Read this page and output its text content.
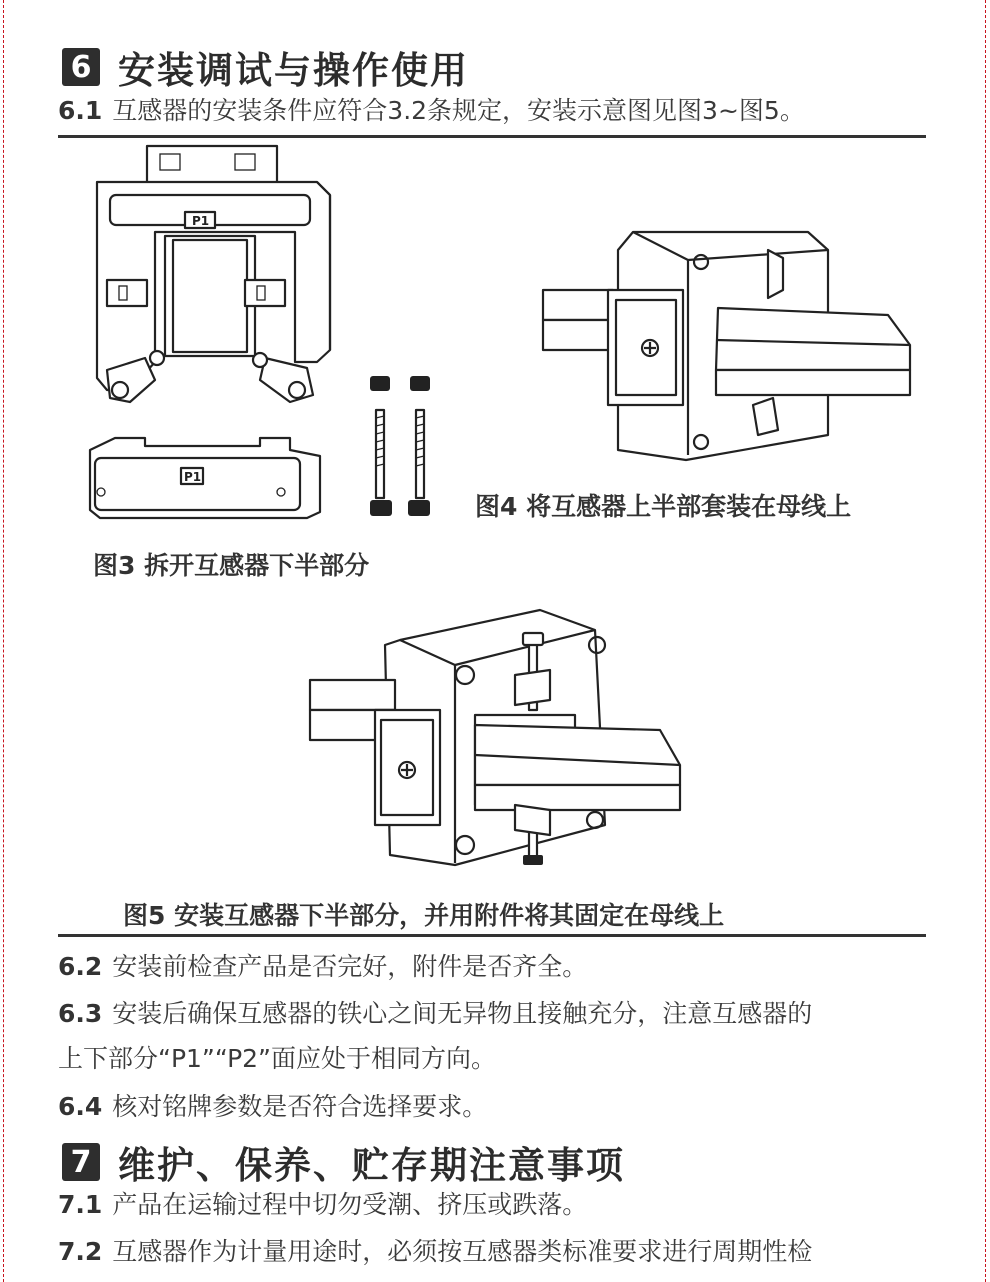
6 安装调试与操作使用
6.1 互感器的安装条件应符合3.2条规定，安装示意图见图3~图5。
P1
P1
图3 拆开互感器下半部分
图4 将互感器上半部套装在母线上
图5 安装互感器下半部分，并用附件将其固定在母线上
6.2 安装前检查产品是否完好，附件是否齐全。
6.3 安装后确保互感器的铁心之间无异物且接触充分，注意互感器的
上下部分“P1”“P2”面应处于相同方向。
6.4 核对铭牌参数是否符合选择要求。
7 维护、保养、贮存期注意事项
7.1 产品在运输过程中切勿受潮、挤压或跌落。
7.2 互感器作为计量用途时，必须按互感器类标准要求进行周期性检
